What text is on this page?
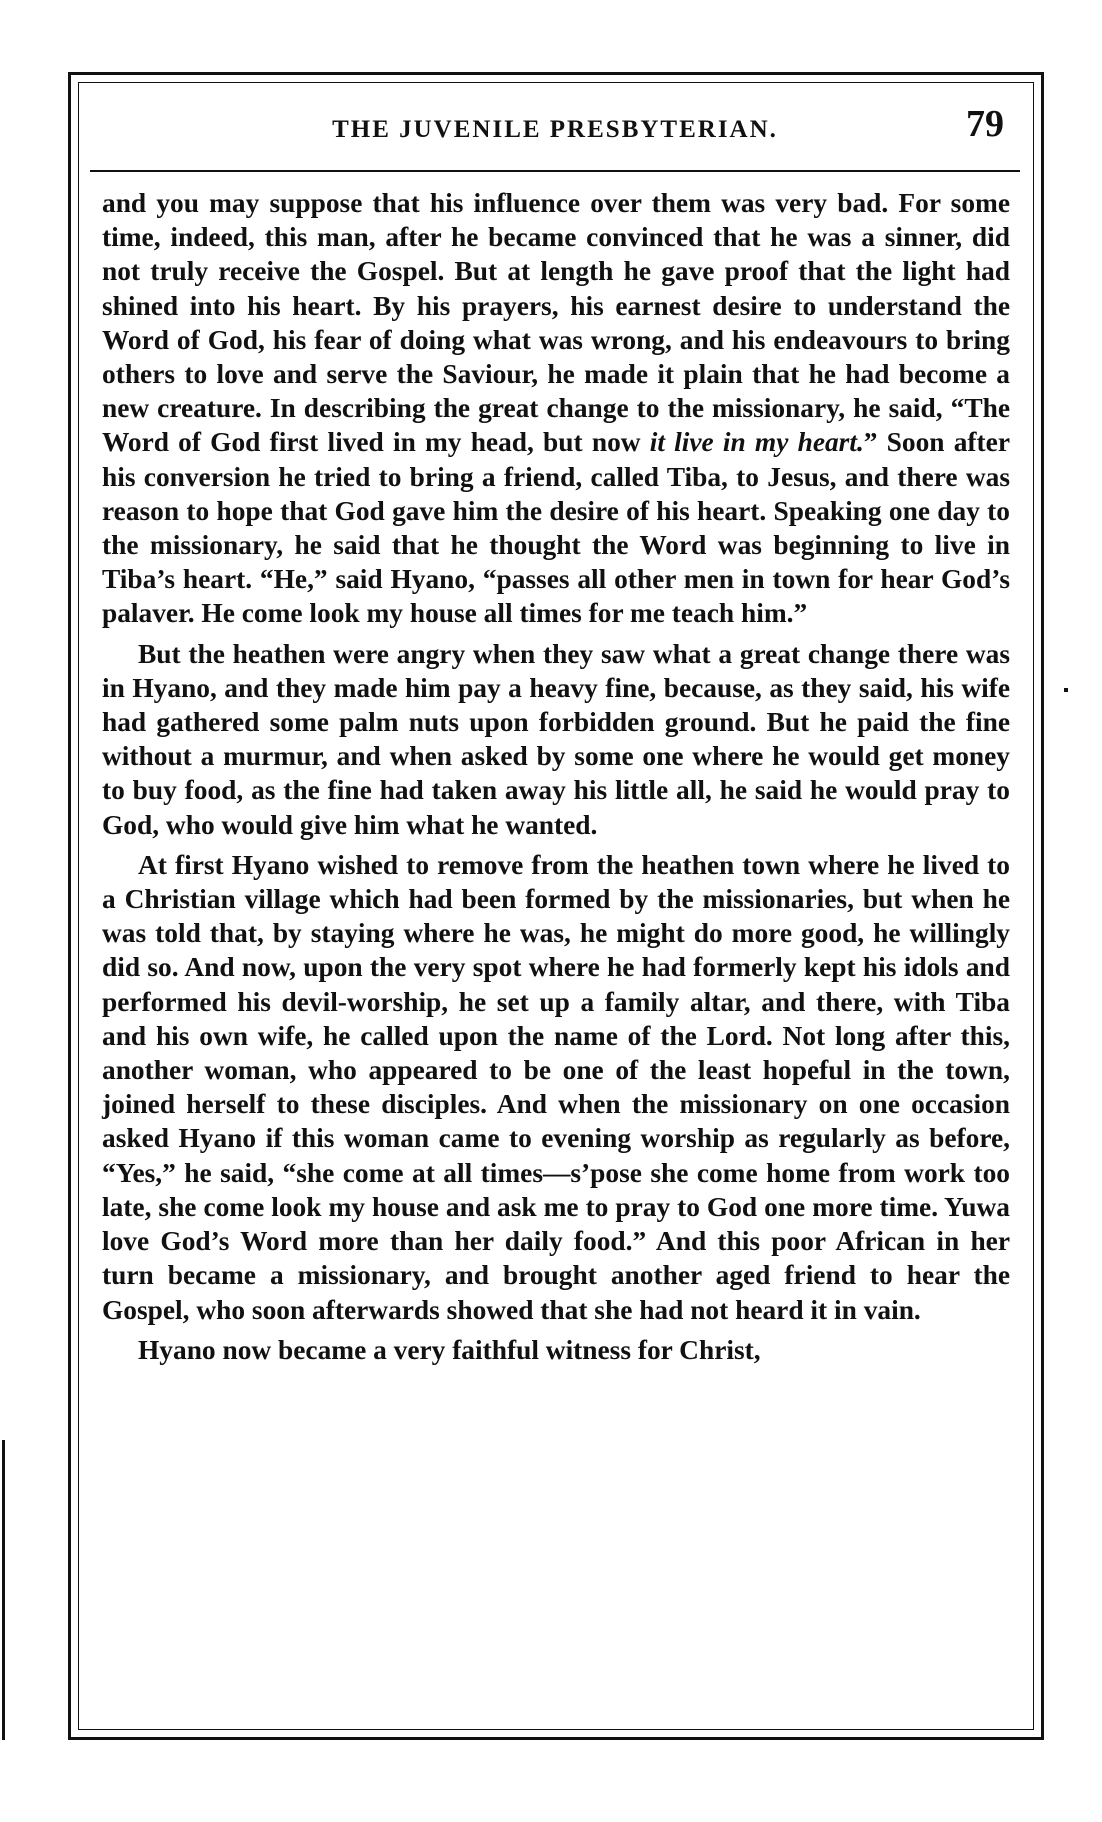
THE JUVENILE PRESBYTERIAN.	79

and you may suppose that his influence over them was very bad. For some time, indeed, this man, after he became convinced that he was a sinner, did not truly receive the Gospel. But at length he gave proof that the light had shined into his heart. By his prayers, his earnest desire to understand the Word of God, his fear of doing what was wrong, and his endeavours to bring others to love and serve the Saviour, he made it plain that he had become a new creature. In describing the great change to the missionary, he said, “The Word of God first lived in my head, but now it live in my heart.” Soon after his conversion he tried to bring a friend, called Tiba, to Jesus, and there was reason to hope that God gave him the desire of his heart. Speaking one day to the missionary, he said that he thought the Word was beginning to live in Tiba’s heart. “He,” said Hyano, “passes all other men in town for hear God’s palaver. He come look my house all times for me teach him.”

But the heathen were angry when they saw what a great change there was in Hyano, and they made him pay a heavy fine, because, as they said, his wife had gathered some palm nuts upon forbidden ground. But he paid the fine without a murmur, and when asked by some one where he would get money to buy food, as the fine had taken away his little all, he said he would pray to God, who would give him what he wanted.

At first Hyano wished to remove from the heathen town where he lived to a Christian village which had been formed by the missionaries, but when he was told that, by staying where he was, he might do more good, he willingly did so. And now, upon the very spot where he had formerly kept his idols and performed his devil-worship, he set up a family altar, and there, with Tiba and his own wife, he called upon the name of the Lord. Not long after this, another woman, who appeared to be one of the least hopeful in the town, joined herself to these disciples. And when the missionary on one occasion asked Hyano if this woman came to evening worship as regularly as before, “Yes,” he said, “she come at all times—s’pose she come home from work too late, she come look my house and ask me to pray to God one more time. Yuwa love God’s Word more than her daily food.” And this poor African in her turn became a missionary, and brought another aged friend to hear the Gospel, who soon afterwards showed that she had not heard it in vain.

Hyano now became a very faithful witness for Christ,
